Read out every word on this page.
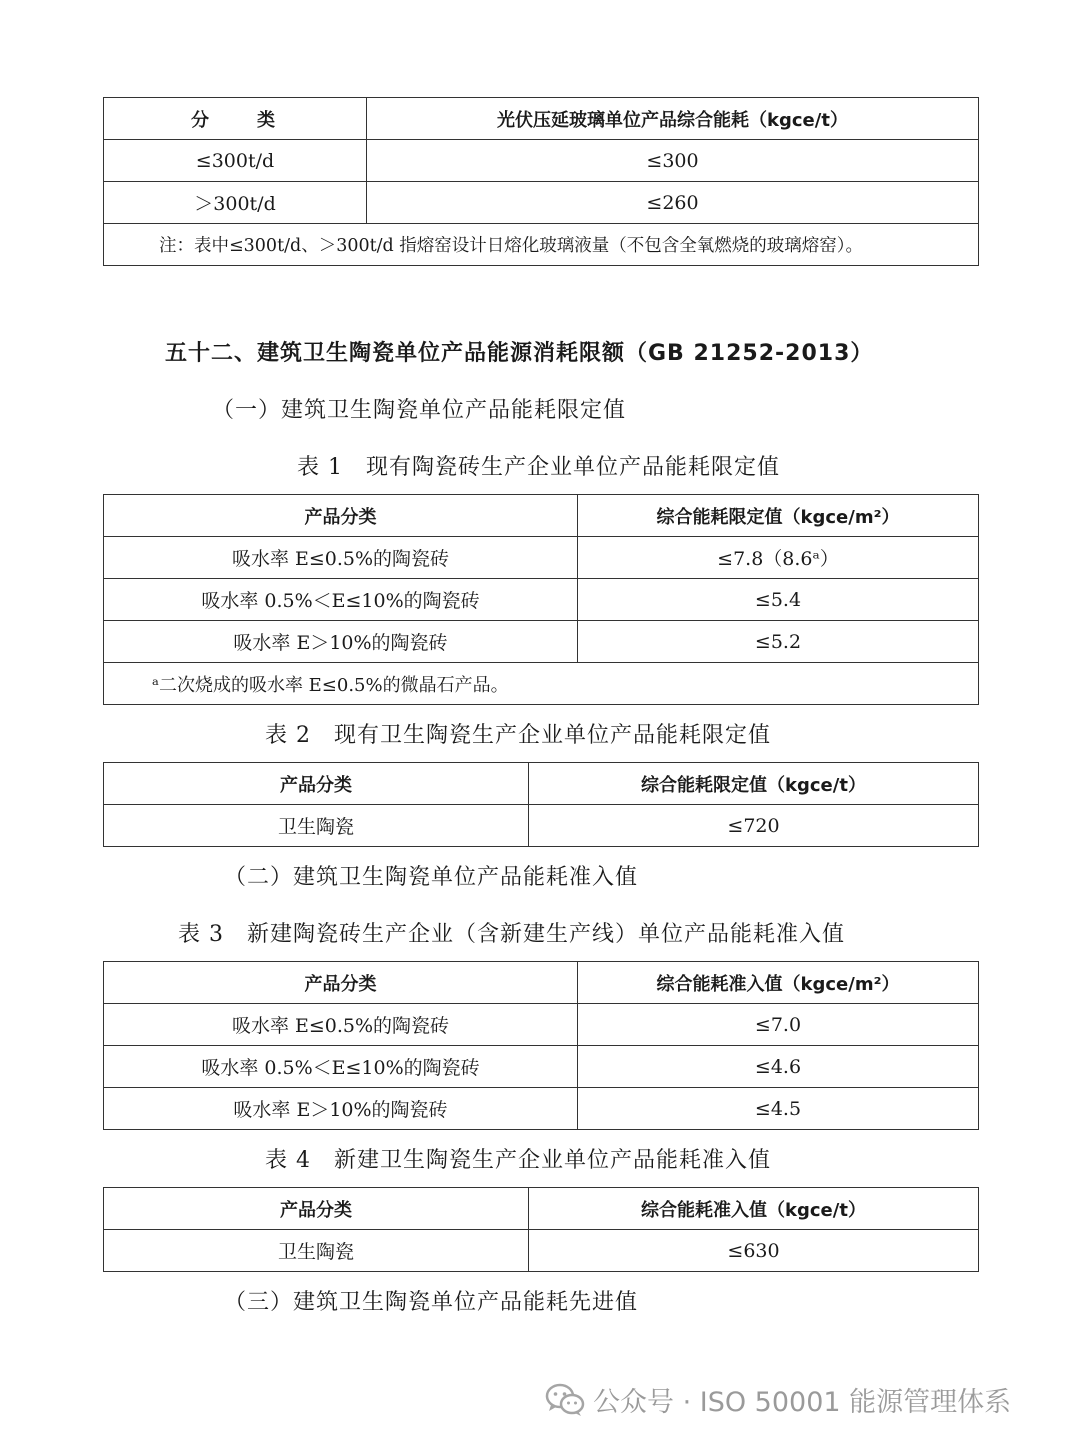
分　　类	光伏压延玻璃单位产品综合能耗（kgce/t）
≤300t/d	≤300
＞300t/d	≤260
注：表中≤300t/d、＞300t/d 指熔窑设计日熔化玻璃液量（不包含全氧燃烧的玻璃熔窑）。	
五十二、建筑卫生陶瓷单位产品能源消耗限额（GB 21252-2013）
（一）建筑卫生陶瓷单位产品能耗限定值
表 1　现有陶瓷砖生产企业单位产品能耗限定值
产品分类	综合能耗限定值（kgce/m²）
吸水率 E≤0.5%的陶瓷砖	≤7.8（8.6ᵃ）
吸水率 0.5%＜E≤10%的陶瓷砖	≤5.4
吸水率 E＞10%的陶瓷砖	≤5.2
ᵃ二次烧成的吸水率 E≤0.5%的微晶石产品。	
表 2　现有卫生陶瓷生产企业单位产品能耗限定值
产品分类	综合能耗限定值（kgce/t）
卫生陶瓷	≤720
（二）建筑卫生陶瓷单位产品能耗准入值
表 3　新建陶瓷砖生产企业（含新建生产线）单位产品能耗准入值
产品分类	综合能耗准入值（kgce/m²）
吸水率 E≤0.5%的陶瓷砖	≤7.0
吸水率 0.5%＜E≤10%的陶瓷砖	≤4.6
吸水率 E＞10%的陶瓷砖	≤4.5
表 4　新建卫生陶瓷生产企业单位产品能耗准入值
产品分类	综合能耗准入值（kgce/t）
卫生陶瓷	≤630
（三）建筑卫生陶瓷单位产品能耗先进值
公众号 · ISO 50001 能源管理体系
